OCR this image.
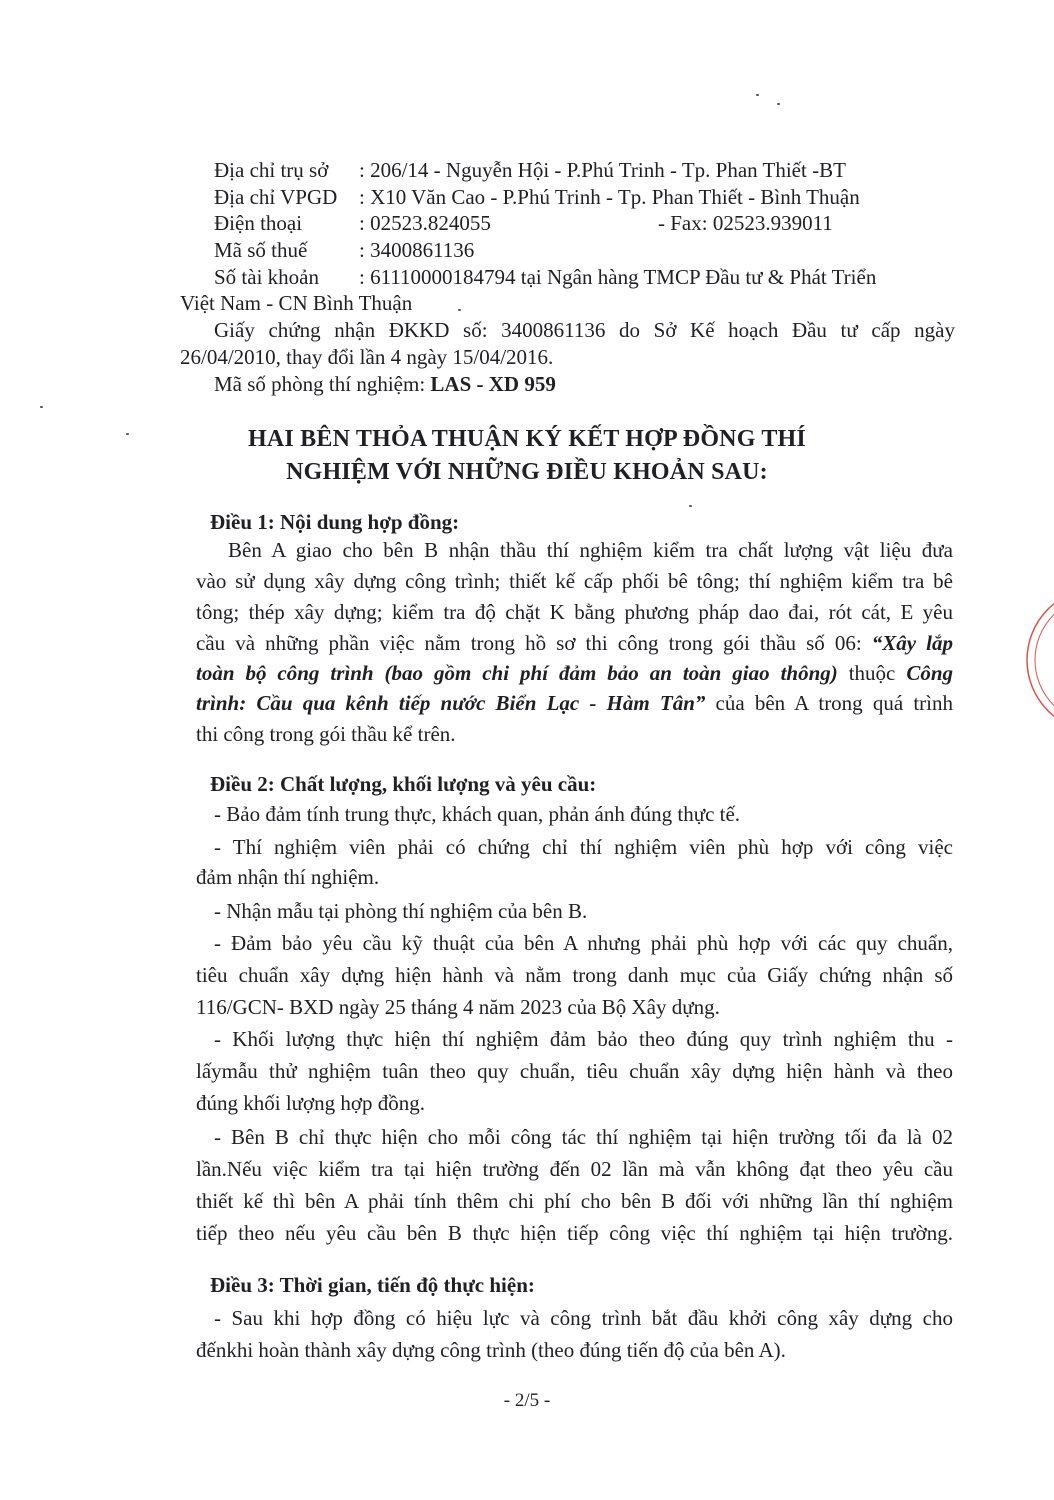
Địa chỉ trụ sở : 206/14 - Nguyễn Hội - P.Phú Trinh - Tp. Phan Thiết -BT
Địa chỉ VPGD : X10 Văn Cao - P.Phú Trinh - Tp. Phan Thiết - Bình Thuận
Điện thoại	: 02523.824055	- Fax: 02523.939011
Mã số thuế : 3400861136
Số tài khoản : 61110000184794 tại Ngân hàng TMCP Đầu tư & Phát Triển
Việt Nam - CN Bình Thuận
Giấy chứng nhận ĐKKD số: 3400861136 do Sở Kế hoạch Đầu tư cấp ngày
26/04/2010, thay đổi lần 4 ngày 15/04/2016.
Mã số phòng thí nghiệm: LAS - XD 959
HAI BÊN THỎA THUẬN KÝ KẾT HỢP ĐỒNG THÍ
NGHIỆM VỚI NHỮNG ĐIỀU KHOẢN SAU:
Điều 1: Nội dung hợp đồng:
Bên A giao cho bên B nhận thầu thí nghiệm kiểm tra chất lượng vật liệu đưa
vào sử dụng xây dựng công trình; thiết kế cấp phối bê tông; thí nghiệm kiểm tra bê
tông; thép xây dựng; kiểm tra độ chặt K bằng phương pháp dao đai, rót cát, E yêu
cầu và những phần việc nằm trong hồ sơ thi công trong gói thầu số 06: “Xây lắp
toàn bộ công trình (bao gồm chi phí đảm bảo an toàn giao thông) thuộc Công
trình: Cầu qua kênh tiếp nước Biển Lạc - Hàm Tân” của bên A trong quá trình
thi công trong gói thầu kể trên.
Điều 2: Chất lượng, khối lượng và yêu cầu:
- Bảo đảm tính trung thực, khách quan, phản ánh đúng thực tế.
- Thí nghiệm viên phải có chứng chỉ thí nghiệm viên phù hợp với công việc
đảm nhận thí nghiệm.
- Nhận mẫu tại phòng thí nghiệm của bên B.
- Đảm bảo yêu cầu kỹ thuật của bên A nhưng phải phù hợp với các quy chuẩn,
tiêu chuẩn xây dựng hiện hành và nằm trong danh mục của Giấy chứng nhận số
116/GCN- BXD ngày 25 tháng 4 năm 2023 của Bộ Xây dựng.
- Khối lượng thực hiện thí nghiệm đảm bảo theo đúng quy trình nghiệm thu -
lấymẫu thử nghiệm tuân theo quy chuẩn, tiêu chuẩn xây dựng hiện hành và theo
đúng khối lượng hợp đồng.
- Bên B chỉ thực hiện cho mỗi công tác thí nghiệm tại hiện trường tối đa là 02
lần.Nếu việc kiểm tra tại hiện trường đến 02 lần mà vẫn không đạt theo yêu cầu
thiết kế thì bên A phải tính thêm chi phí cho bên B đối với những lần thí nghiệm
tiếp theo nếu yêu cầu bên B thực hiện tiếp công việc thí nghiệm tại hiện trường.
Điều 3: Thời gian, tiến độ thực hiện:
- Sau khi hợp đồng có hiệu lực và công trình bắt đầu khởi công xây dựng cho
đếnkhi hoàn thành xây dựng công trình (theo đúng tiến độ của bên A).
- 2/5 -
